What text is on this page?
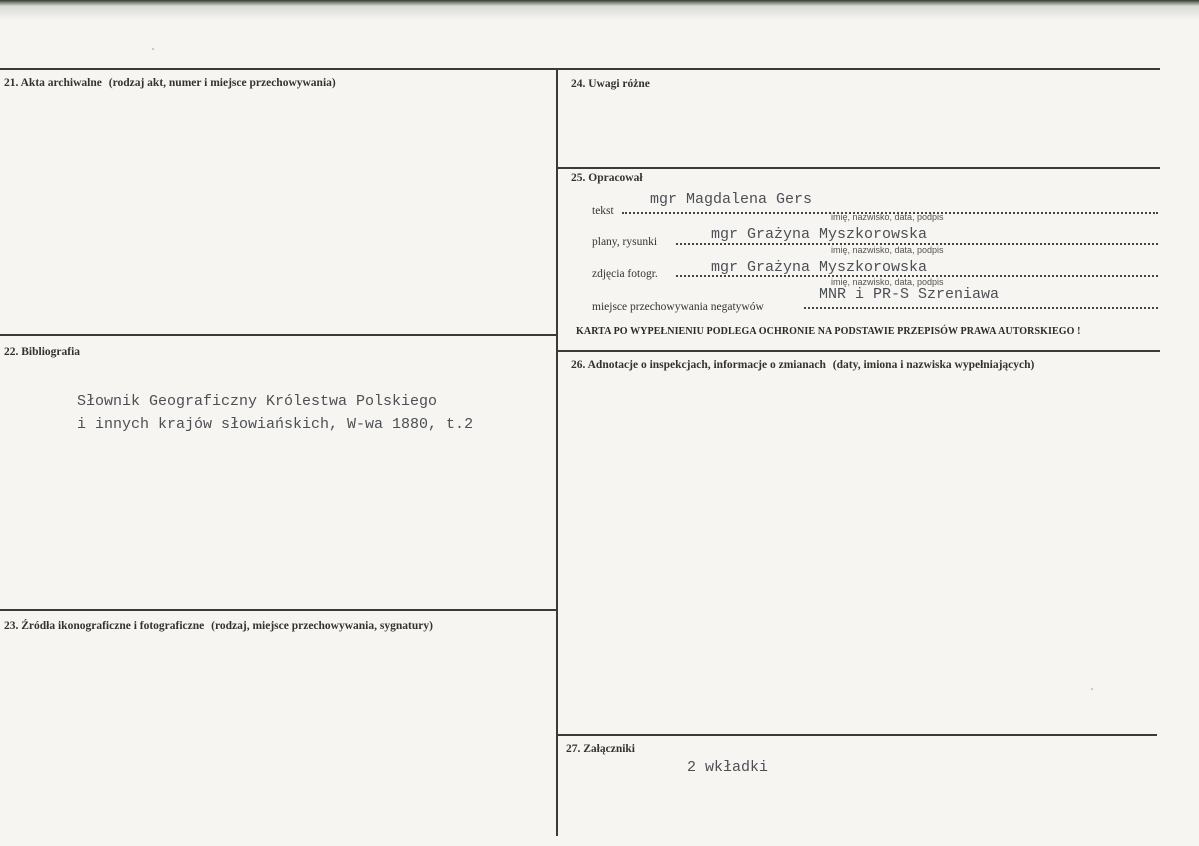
21. Akta archiwalne (rodzaj akt, numer i miejsce przechowywania)
22. Bibliografia
Słownik Geograficzny Królestwa Polskiego
i innych krajów słowiańskich, W-wa 1880, t.2
23. Źródła ikonograficzne i fotograficzne (rodzaj, miejsce przechowywania, sygnatury)
24. Uwagi różne
25. Opracował
tekst
mgr Magdalena Gers
imię, nazwisko, data, podpis
plany, rysunki	mgr Grażyna Myszkorowska
imię, nazwisko, data, podpis
zdjęcia fotogr.	mgr Grażyna Myszkorowska
imię, nazwisko, data, podpis
miejsce przechowywania negatywów
MNR i PR-S Szreniawa
KARTA PO WYPEŁNIENIU PODLEGA OCHRONIE NA PODSTAWIE PRZEPISÓW PRAWA AUTORSKIEGO !
26. Adnotacje o inspekcjach, informacje o zmianach (daty, imiona i nazwiska wypełniających)
27. Załączniki
2 wkładki
